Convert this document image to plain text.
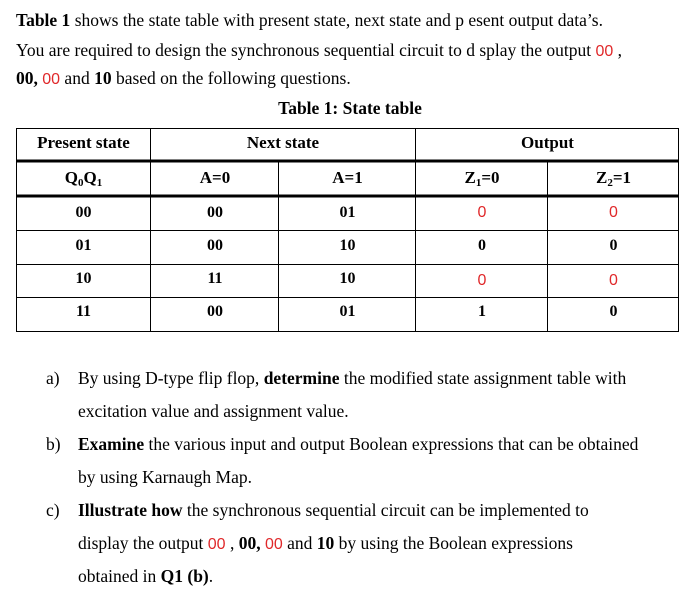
Table 1 shows the state table with present state, next state and p esent output data’s.
You are required to design the synchronous sequential circuit to d splay the output 00 ,
00, 00 and 10 based on the following questions.
Table 1: State table
Present state	Next state	Output
$Q_0Q_1$	A=0	A=1	$Z_1=0$	$Z_2=1$
00	00	01	0	0
01	00	10	0	0
10	11	10	0	0
11	00	01	1	0
a) By using D-type flip flop, determine the modified state assignment table with
excitation value and assignment value.
b) Examine the various input and output Boolean expressions that can be obtained
by using Karnaugh Map.
c) Illustrate how the synchronous sequential circuit can be implemented to
display the output 00 , 00, 00 and 10 by using the Boolean expressions
obtained in Q1 (b).
